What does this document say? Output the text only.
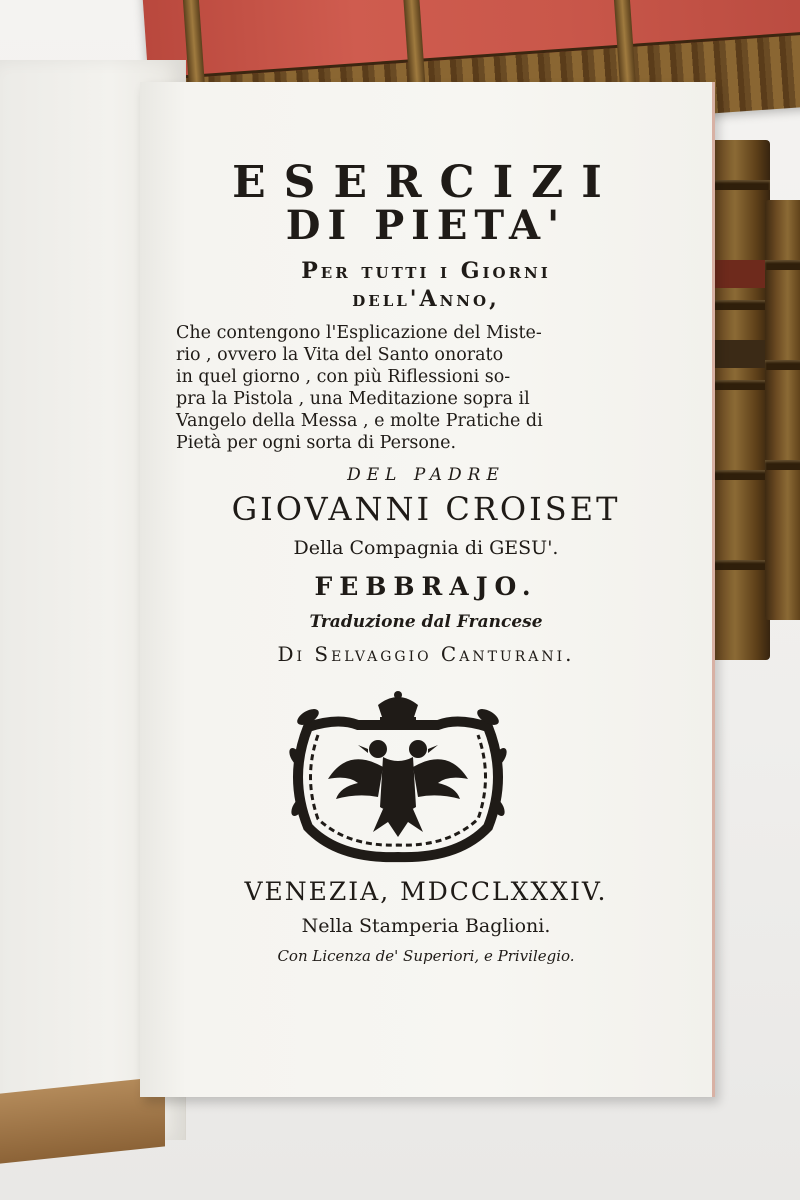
ESERCIZI
DI PIETA'
Per tutti i Giorni
dell'Anno,
Che contengono l'Esplicazione del Miste-
rio , ovvero la Vita del Santo onorato
in quel giorno , con più Riflessioni so-
pra la Pistola , una Meditazione sopra il
Vangelo della Messa , e molte Pratiche di
Pietà per ogni sorta di Persone.
DEL PADRE
GIOVANNI CROISET
Della Compagnia di GESU'.
FEBBRAJO.
Traduzione dal Francese
Di Selvaggio Canturani.
VENEZIA, MDCCLXXXIV.
Nella Stamperia Baglioni.
Con Licenza de' Superiori, e Privilegio.
